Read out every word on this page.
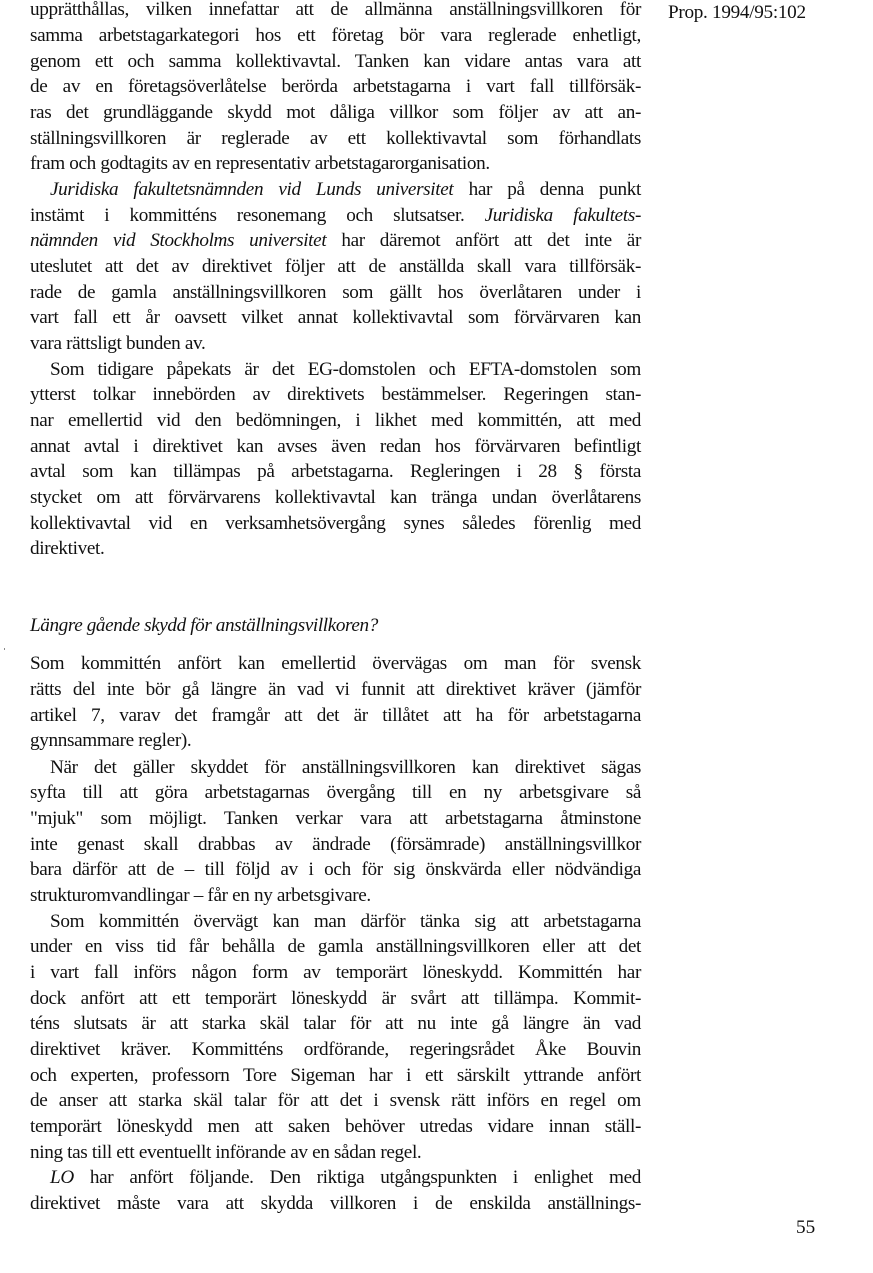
Prop. 1994/95:102
upprätthållas, vilken innefattar att de allmänna anställningsvillkoren för
samma arbetstagarkategori hos ett företag bör vara reglerade enhetligt,
genom ett och samma kollektivavtal. Tanken kan vidare antas vara att
de av en företagsöverlåtelse berörda arbetstagarna i vart fall tillförsäk-
ras det grundläggande skydd mot dåliga villkor som följer av att an-
ställningsvillkoren är reglerade av ett kollektivavtal som förhandlats
fram och godtagits av en representativ arbetstagarorganisation.
Juridiska fakultetsnämnden vid Lunds universitet har på denna punkt
instämt i kommitténs resonemang och slutsatser. Juridiska fakultets-
nämnden vid Stockholms universitet har däremot anfört att det inte är
uteslutet att det av direktivet följer att de anställda skall vara tillförsäk-
rade de gamla anställningsvillkoren som gällt hos överlåtaren under i
vart fall ett år oavsett vilket annat kollektivavtal som förvärvaren kan
vara rättsligt bunden av.
Som tidigare påpekats är det EG-domstolen och EFTA-domstolen som
ytterst tolkar innebörden av direktivets bestämmelser. Regeringen stan-
nar emellertid vid den bedömningen, i likhet med kommittén, att med
annat avtal i direktivet kan avses även redan hos förvärvaren befintligt
avtal som kan tillämpas på arbetstagarna. Regleringen i 28 § första
stycket om att förvärvarens kollektivavtal kan tränga undan överlåtarens
kollektivavtal vid en verksamhetsövergång synes således förenlig med
direktivet.
Som kommittén anfört kan emellertid övervägas om man för svensk
rätts del inte bör gå längre än vad vi funnit att direktivet kräver (jämför
artikel 7, varav det framgår att det är tillåtet att ha för arbetstagarna
gynnsammare regler).
När det gäller skyddet för anställningsvillkoren kan direktivet sägas
syfta till att göra arbetstagarnas övergång till en ny arbetsgivare så
"mjuk" som möjligt. Tanken verkar vara att arbetstagarna åtminstone
inte genast skall drabbas av ändrade (försämrade) anställningsvillkor
bara därför att de – till följd av i och för sig önskvärda eller nödvändiga
strukturomvandlingar – får en ny arbetsgivare.
Som kommittén övervägt kan man därför tänka sig att arbetstagarna
under en viss tid får behålla de gamla anställningsvillkoren eller att det
i vart fall införs någon form av temporärt löneskydd. Kommittén har
dock anfört att ett temporärt löneskydd är svårt att tillämpa. Kommit-
téns slutsats är att starka skäl talar för att nu inte gå längre än vad
direktivet kräver. Kommitténs ordförande, regeringsrådet Åke Bouvin
och experten, professorn Tore Sigeman har i ett särskilt yttrande anfört
de anser att starka skäl talar för att det i svensk rätt införs en regel om
temporärt löneskydd men att saken behöver utredas vidare innan ställ-
ning tas till ett eventuellt införande av en sådan regel.
LO har anfört följande. Den riktiga utgångspunkten i enlighet med
direktivet måste vara att skydda villkoren i de enskilda anställnings-
Längre gående skydd för anställningsvillkoren?
55
